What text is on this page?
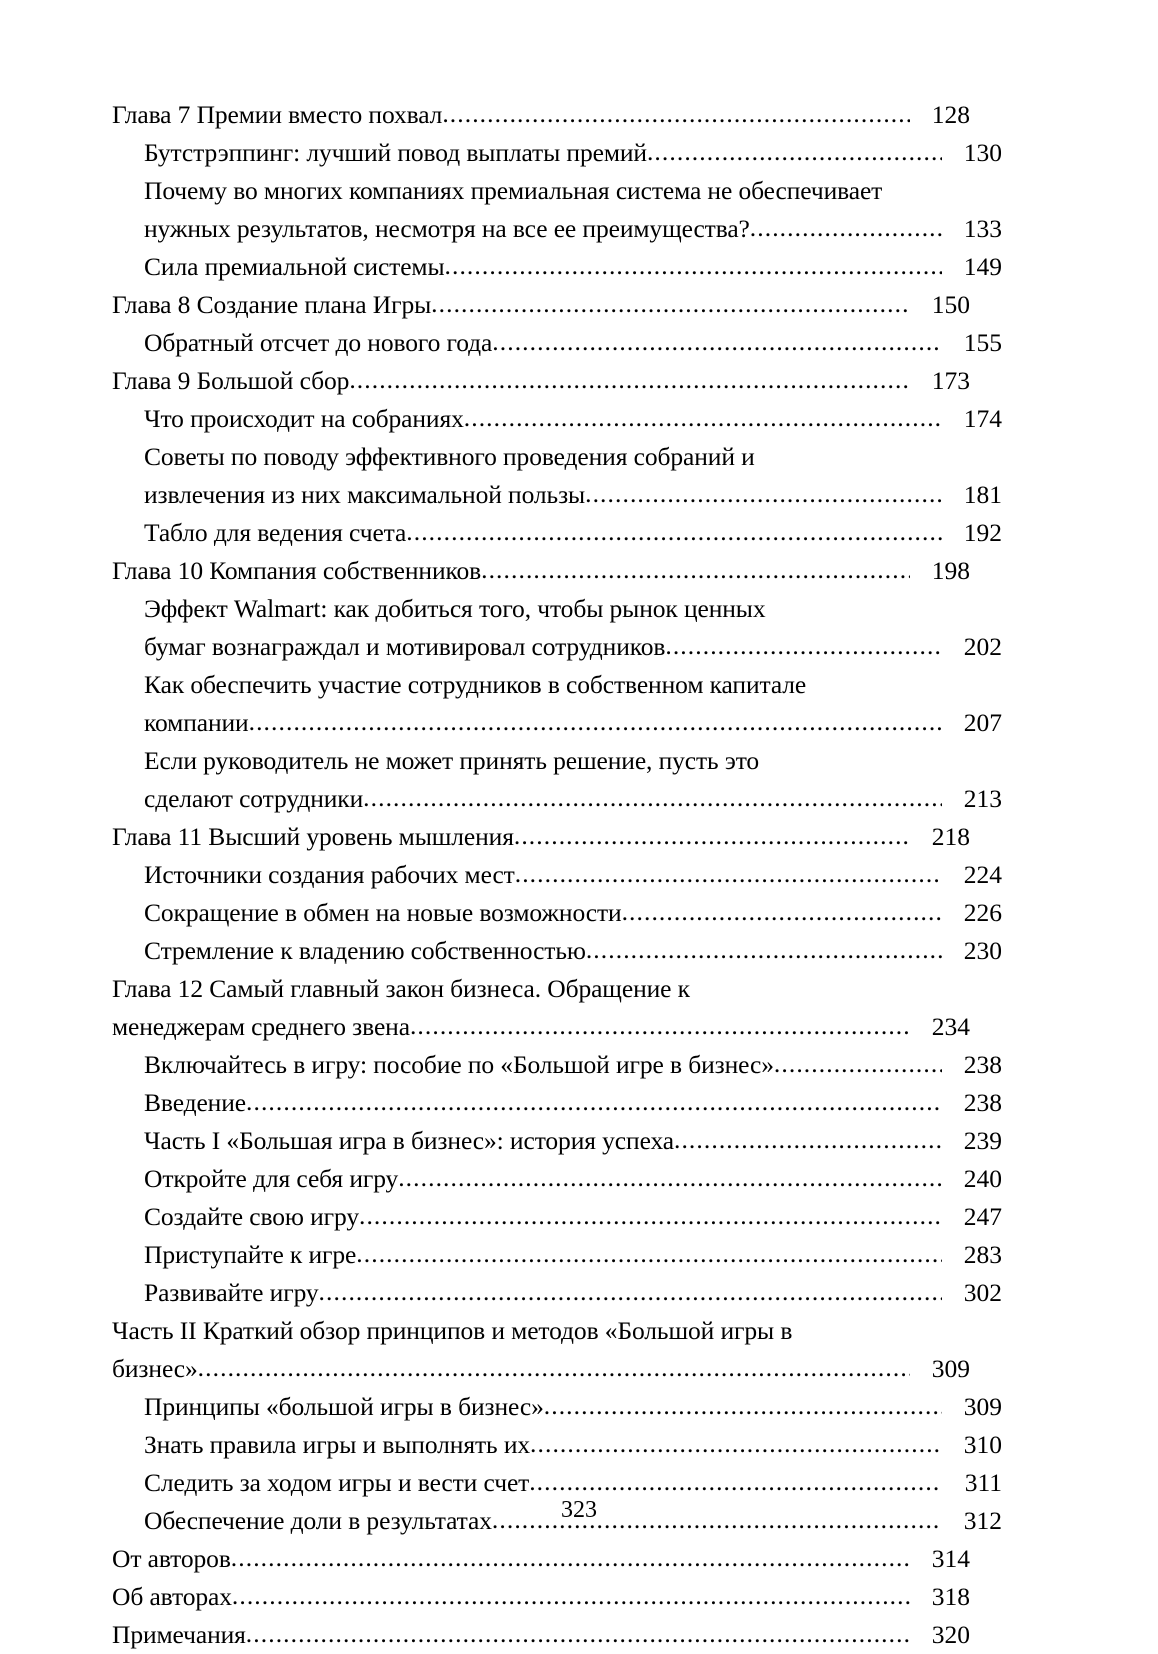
Глава 7 Премии вместо похвал .....	128
Бутстрэппинг: лучший повод выплаты премий .....	130
Почему во многих компаниях премиальная система не обеспечивает
нужных результатов, несмотря на все ее преимущества? .....	133
Сила премиальной системы .....	149
Глава 8 Создание плана Игры .....	150
Обратный отсчет до нового года .....	155
Глава 9 Большой сбор .....	173
Что происходит на собраниях .....	174
Советы по поводу эффективного проведения собраний и
извлечения из них максимальной пользы .....	181
Табло для ведения счета .....	192
Глава 10 Компания собственников .....	198
Эффект Walmart: как добиться того, чтобы рынок ценных
бумаг вознаграждал и мотивировал сотрудников .....	202
Как обеспечить участие сотрудников в собственном капитале
компании .....	207
Если руководитель не может принять решение, пусть это
сделают сотрудники .....	213
Глава 11 Высший уровень мышления .....	218
Источники создания рабочих мест .....	224
Сокращение в обмен на новые возможности .....	226
Стремление к владению собственностью .....	230
Глава 12 Самый главный закон бизнеса. Обращение к
менеджерам среднего звена .....	234
Включайтесь в игру: пособие по «Большой игре в бизнес» .....	238
Введение .....	238
Часть I «Большая игра в бизнес»: история успеха .....	239
Откройте для себя игру .....	240
Создайте свою игру .....	247
Приступайте к игре .....	283
Развивайте игру .....	302
Часть II Краткий обзор принципов и методов «Большой игры в
бизнес» .....	309
Принципы «большой игры в бизнес» .....	309
Знать правила игры и выполнять их .....	310
Следить за ходом игры и вести счет .....	311
Обеспечение доли в результатах .....	312
От авторов .....	314
Об авторах .....	318
Примечания .....	320
323
